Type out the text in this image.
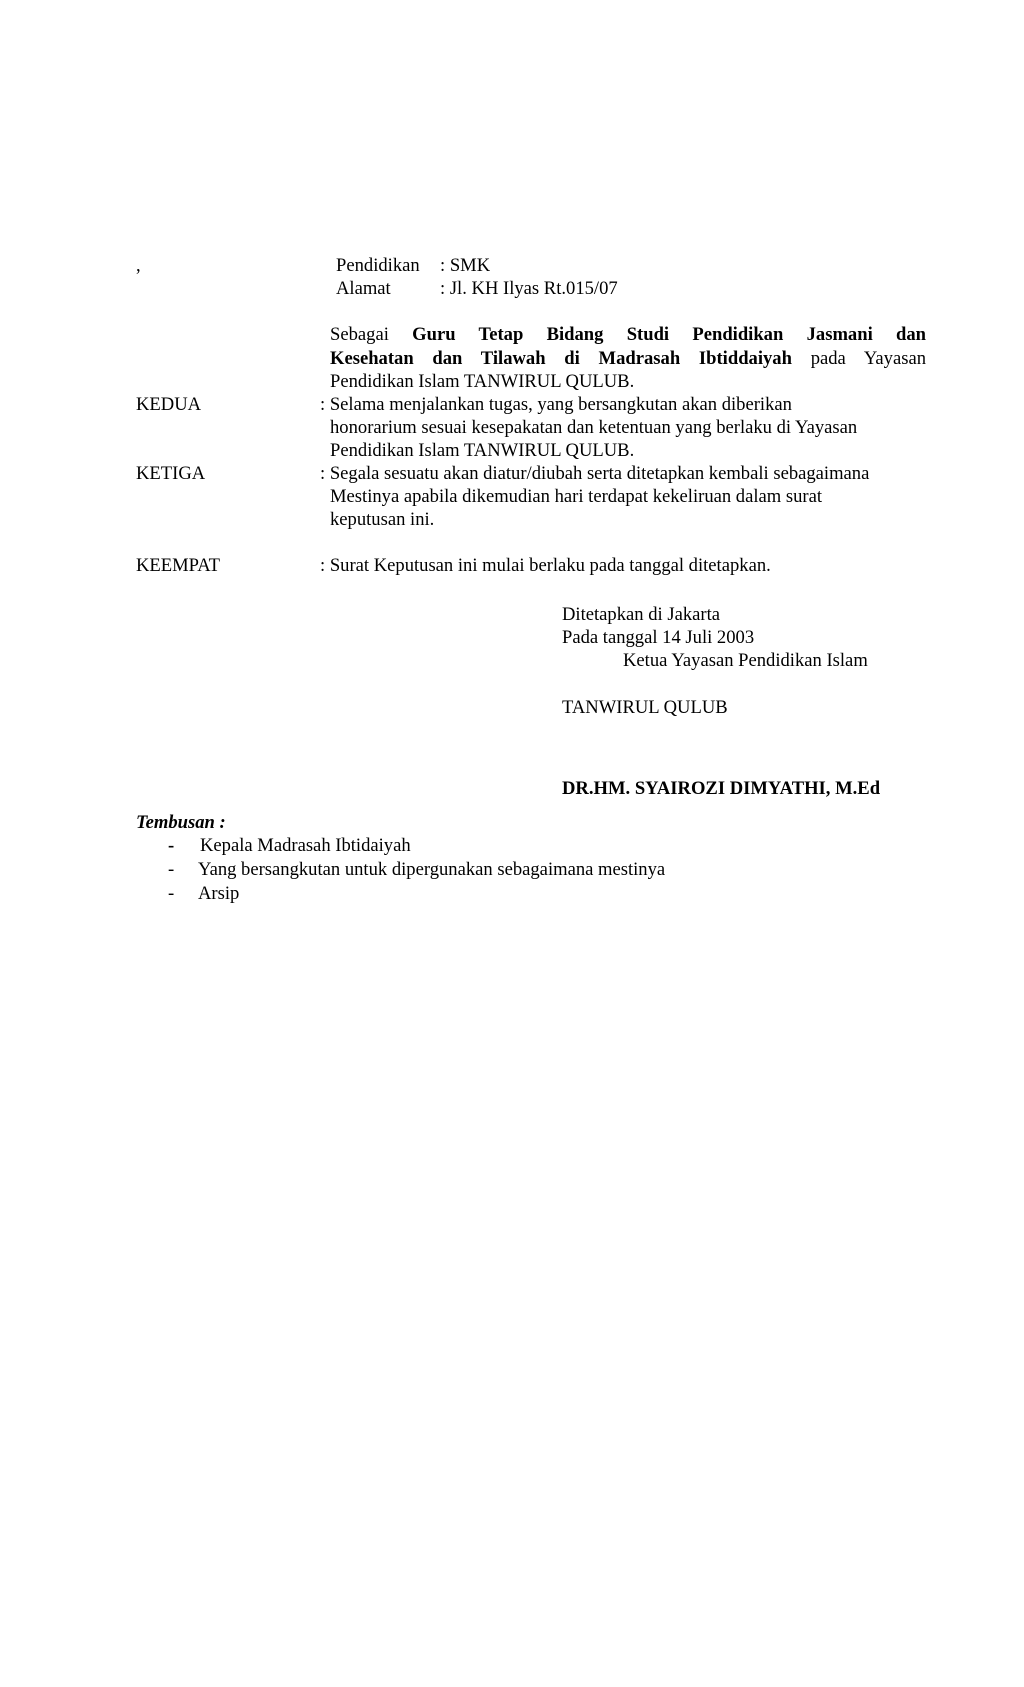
,	Pendidikan : SMK
Alamat	: Jl. KH Ilyas Rt.015/07
Sebagai Guru Tetap Bidang Studi Pendidikan Jasmani dan
Kesehatan dan Tilawah di Madrasah Ibtiddaiyah pada Yayasan
Pendidikan Islam TANWIRUL QULUB.
KEDUA	: Selama menjalankan tugas, yang bersangkutan akan diberikan
honorarium sesuai kesepakatan dan ketentuan yang berlaku di Yayasan
Pendidikan Islam TANWIRUL QULUB.
KETIGA	: Segala sesuatu akan diatur/diubah serta ditetapkan kembali sebagaimana
Mestinya apabila dikemudian hari terdapat kekeliruan dalam surat
keputusan ini.
KEEMPAT	: Surat Keputusan ini mulai berlaku pada tanggal ditetapkan.
Ditetapkan di Jakarta
Pada tanggal 14 Juli 2003
Ketua Yayasan Pendidikan Islam
TANWIRUL QULUB
DR.HM. SYAIROZI DIMYATHI, M.Ed
Tembusan :
- Kepala Madrasah Ibtidaiyah
- Yang bersangkutan untuk dipergunakan sebagaimana mestinya
- Arsip
